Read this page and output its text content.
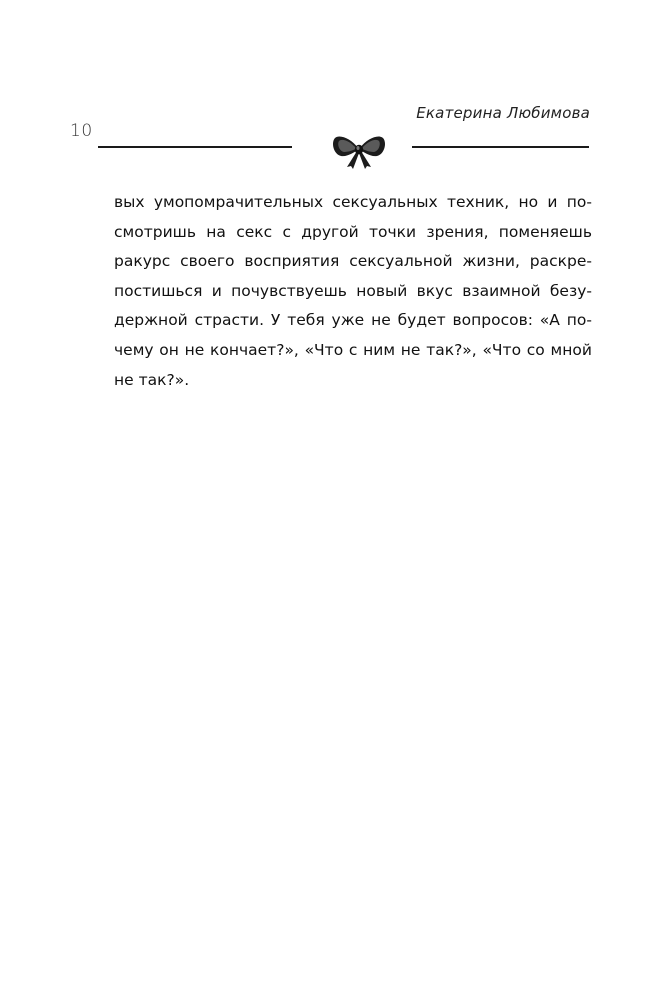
10
Екатерина Любимова
вых умопомрачительных сексуальных техник, но и по-
смотришь на секс с другой точки зрения, поменяешь
ракурс своего восприятия сексуальной жизни, раскре-
постишься и почувствуешь новый вкус взаимной безу-
держной страсти. У тебя уже не будет вопросов: «А по-
чему он не кончает?», «Что с ним не так?», «Что со мной
не так?».
